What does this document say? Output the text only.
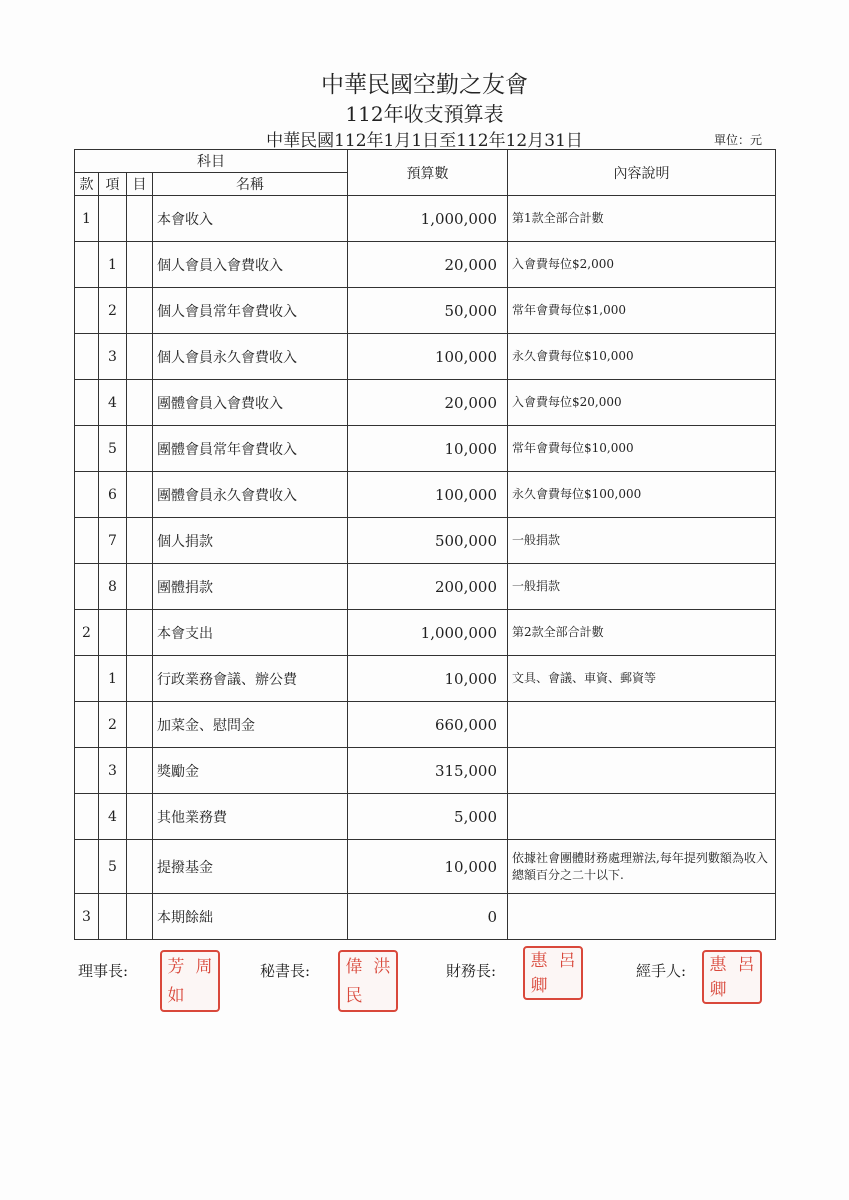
中華民國空勤之友會
112年收支預算表
中華民國112年1月1日至112年12月31日	單位：元
科目				預算數	內容說明
款	項	目	名稱		
1			本會收入	1,000,000	第1款全部合計數
	1		個人會員入會費收入	20,000	入會費每位$2,000
	2		個人會員常年會費收入	50,000	常年會費每位$1,000
	3		個人會員永久會費收入	100,000	永久會費每位$10,000
	4		團體會員入會費收入	20,000	入會費每位$20,000
	5		團體會員常年會費收入	10,000	常年會費每位$10,000
	6		團體會員永久會費收入	100,000	永久會費每位$100,000
	7		個人捐款	500,000	一般捐款
	8		團體捐款	200,000	一般捐款
2			本會支出	1,000,000	第2款全部合計數
	1		行政業務會議、辦公費	10,000	文具、會議、車資、郵資等
	2		加菜金、慰問金	660,000	
	3		獎勵金	315,000	
	4		其他業務費	5,000	
	5		提撥基金	10,000	依據社會團體財務處理辦法,每年提列數額為收入總額百分之二十以下.
3			本期餘絀	0	
理事長: 芳 周
如
秘書長: 偉 洪
民
財務長:
惠 呂
卿
經手人: 惠 呂
卿
